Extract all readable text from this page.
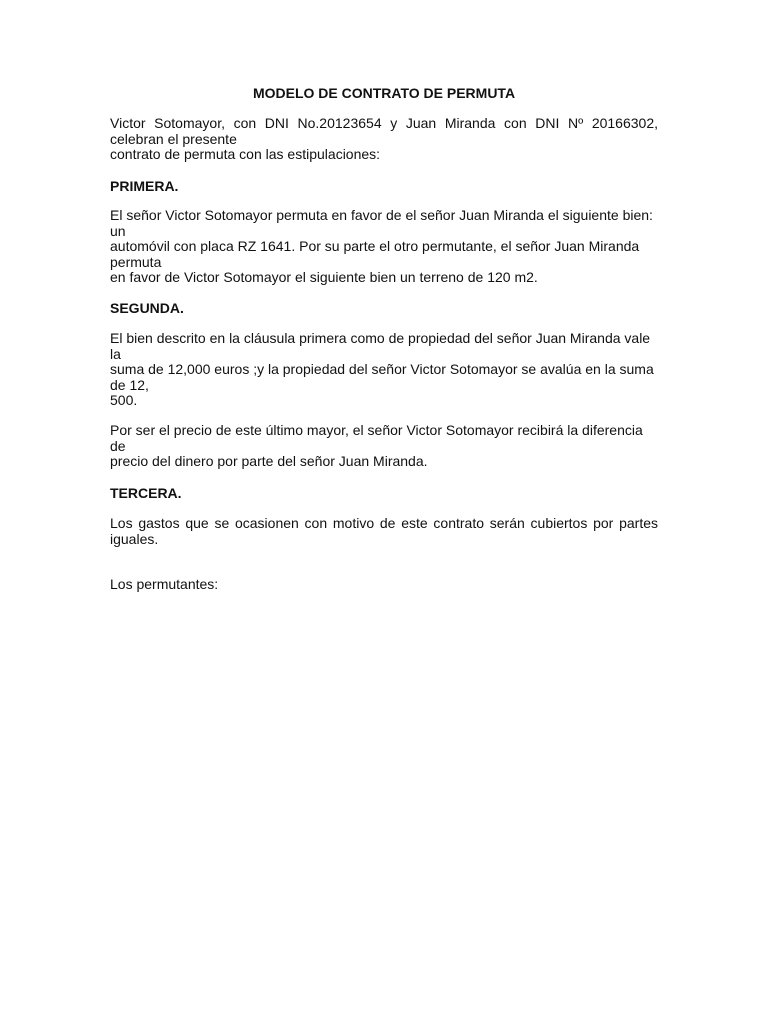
MODELO DE CONTRATO DE PERMUTA
Victor Sotomayor, con DNI No.20123654 y Juan Miranda con DNI Nº 20166302,
celebran el presente
contrato de permuta con las estipulaciones:
PRIMERA.
El señor Victor Sotomayor permuta en favor de el señor Juan Miranda el siguiente bien:
un
automóvil con placa RZ 1641. Por su parte el otro permutante, el señor Juan Miranda
permuta
en favor de Victor Sotomayor el siguiente bien un terreno de 120 m2.
SEGUNDA.
El bien descrito en la cláusula primera como de propiedad del señor Juan Miranda vale
la
suma de 12,000 euros ;y la propiedad del señor Victor Sotomayor se avalúa en la suma
de 12,
500.
Por ser el precio de este último mayor, el señor Victor Sotomayor recibirá la diferencia
de
precio del dinero por parte del señor Juan Miranda.
TERCERA.
Los gastos que se ocasionen con motivo de este contrato serán cubiertos por partes
iguales.
Los permutantes:
